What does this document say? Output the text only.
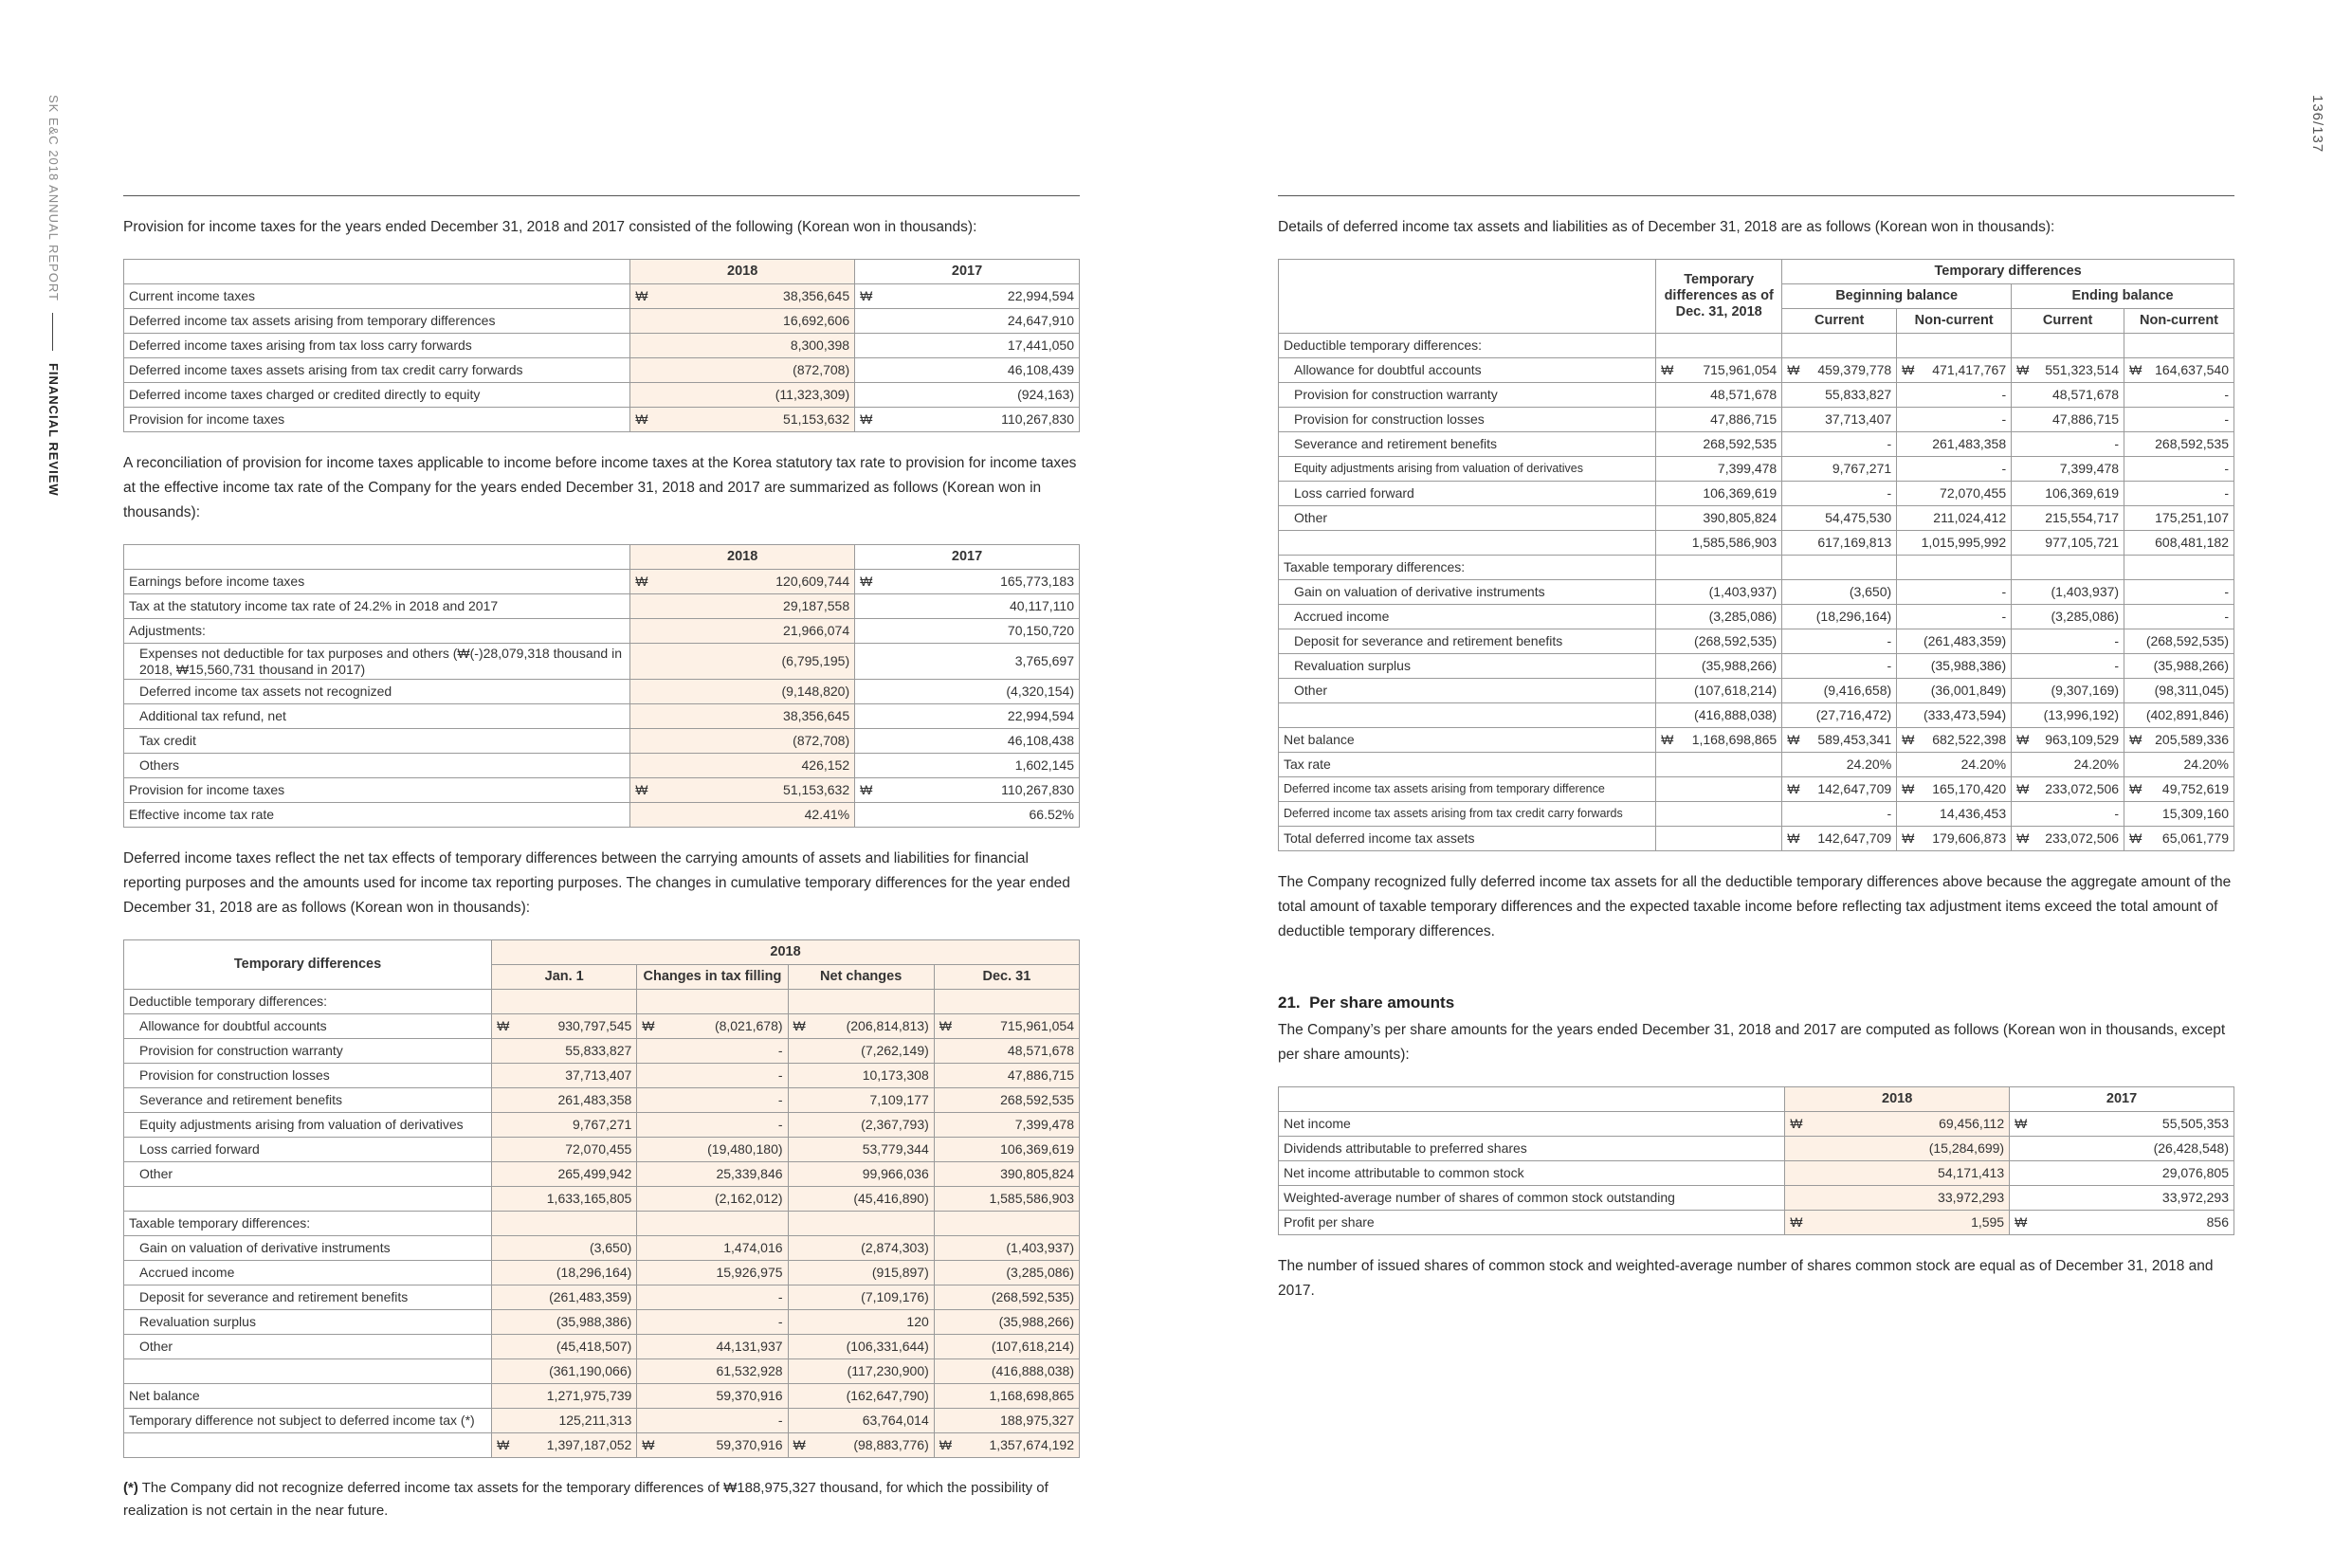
SK E&C 2018 ANNUAL REPORT  FINANCIAL REVIEW
136/137

Provision for income taxes for the years ended December 31, 2018 and 2017 consisted of the following (Korean won in thousands):

	2018	2017
Current income taxes	₩ 38,356,645	₩ 22,994,594

Deferred income tax assets arising from temporary differences	16,692,606	24,647,910

Deferred income taxes arising from tax loss carry forwards	8,300,398	17,441,050

Deferred income taxes assets arising from tax credit carry forwards	(872,708)	46,108,439

Deferred income taxes charged or credited directly to equity	(11,323,309)	(924,163)

Provision for income taxes	₩ 51,153,632	₩ 110,267,830

A reconciliation of provision for income taxes applicable to income before income taxes at the Korea statutory tax rate to provision for income taxes at the effective income tax rate of the Company for the years ended December 31, 2018 and 2017 are summarized as follows (Korean won in thousands):

	2018	2017
Earnings before income taxes	₩ 120,609,744	₩ 165,773,183

Tax at the statutory income tax rate of 24.2% in 2018 and 2017	29,187,558	40,117,110

Adjustments:	21,966,074	70,150,720

Expenses not deductible for tax purposes and others (₩(-)28,079,318 thousand in 2018, ₩15,560,731 thousand in 2017)	(6,795,195)	3,765,697

Deferred income tax assets not recognized	(9,148,820)	(4,320,154)

Additional tax refund, net	38,356,645	22,994,594

Tax credit	(872,708)	46,108,438

Others	426,152	1,602,145

Provision for income taxes	₩ 51,153,632	₩ 110,267,830

Effective income tax rate	42.41%	66.52%

Deferred income taxes reflect the net tax effects of temporary differences between the carrying amounts of assets and liabilities for financial reporting purposes and the amounts used for income tax reporting purposes. The changes in cumulative temporary differences for the year ended December 31, 2018 are as follows (Korean won in thousands):

Temporary differences	2018			
	Jan. 1	Changes in tax filling	Net changes	Dec. 31
Deductible temporary differences:	

Allowance for doubtful accounts	₩ 930,797,545	₩ (8,021,678)	₩ (206,814,813)	₩ 715,961,054

Provision for construction warranty	55,833,827	-	(7,262,149)	48,571,678

Provision for construction losses	37,713,407	-	10,173,308	47,886,715

Severance and retirement benefits	261,483,358	-	7,109,177	268,592,535

Equity adjustments arising from valuation of derivatives	9,767,271	-	(2,367,793)	7,399,478

Loss carried forward	72,070,455	(19,480,180)	53,779,344	106,369,619

Other	265,499,942	25,339,846	99,966,036	390,805,824

	1,633,165,805	(2,162,012)	(45,416,890)	1,585,586,903

Taxable temporary differences:	

Gain on valuation of derivative instruments	(3,650)	1,474,016	(2,874,303)	(1,403,937)

Accrued income	(18,296,164)	15,926,975	(915,897)	(3,285,086)

Deposit for severance and retirement benefits	(261,483,359)	-	(7,109,176)	(268,592,535)

Revaluation surplus	(35,988,386)	-	120	(35,988,266)

Other	(45,418,507)	44,131,937	(106,331,644)	(107,618,214)

	(361,190,066)	61,532,928	(117,230,900)	(416,888,038)

Net balance	1,271,975,739	59,370,916	(162,647,790)	1,168,698,865

Temporary difference not subject to deferred income tax (*)	125,211,313	-	63,764,014	188,975,327

	₩ 1,397,187,052	₩ 59,370,916	₩ (98,883,776)	₩ 1,357,674,192

(*) The Company did not recognize deferred income tax assets for the temporary differences of ₩188,975,327 thousand, for which the possibility of realization is not certain in the near future.

Details of deferred income tax assets and liabilities as of December 31, 2018 are as follows (Korean won in thousands):

	Temporary differences as of Dec. 31, 2018	Temporary differences			
		Beginning balance		Ending balance	
		Current	Non-current	Current	Non-current
Deductible temporary differences:	

Allowance for doubtful accounts	₩ 715,961,054	₩ 459,379,778	₩ 471,417,767	₩ 551,323,514	₩ 164,637,540

Provision for construction warranty	48,571,678	55,833,827	-	48,571,678	-

Provision for construction losses	47,886,715	37,713,407	-	47,886,715	-

Severance and retirement benefits	268,592,535	-	261,483,358	-	268,592,535

Equity adjustments arising from valuation of derivatives	7,399,478	9,767,271	-	7,399,478	-

Loss carried forward	106,369,619	-	72,070,455	106,369,619	-

Other	390,805,824	54,475,530	211,024,412	215,554,717	175,251,107

	1,585,586,903	617,169,813	1,015,995,992	977,105,721	608,481,182

Taxable temporary differences:	

Gain on valuation of derivative instruments	(1,403,937)	(3,650)	-	(1,403,937)	-

Accrued income	(3,285,086)	(18,296,164)	-	(3,285,086)	-

Deposit for severance and retirement benefits	(268,592,535)	-	(261,483,359)	-	(268,592,535)

Revaluation surplus	(35,988,266)	-	(35,988,386)	-	(35,988,266)

Other	(107,618,214)	(9,416,658)	(36,001,849)	(9,307,169)	(98,311,045)

	(416,888,038)	(27,716,472)	(333,473,594)	(13,996,192)	(402,891,846)

Net balance	₩ 1,168,698,865	₩ 589,453,341	₩ 682,522,398	₩ 963,109,529	₩ 205,589,336

Tax rate		24.20%	24.20%	24.20%	24.20%

Deferred income tax assets arising from temporary difference		₩ 142,647,709	₩ 165,170,420	₩ 233,072,506	₩ 49,752,619

Deferred income tax assets arising from tax credit carry forwards		-	14,436,453	-	15,309,160

Total deferred income tax assets		₩ 142,647,709	₩ 179,606,873	₩ 233,072,506	₩ 65,061,779

The Company recognized fully deferred income tax assets for all the deductible temporary differences above because the aggregate amount of the total amount of taxable temporary differences and the expected taxable income before reflecting tax adjustment items exceed the total amount of deductible temporary differences.

21. Per share amounts

The Company’s per share amounts for the years ended December 31, 2018 and 2017 are computed as follows (Korean won in thousands, except per share amounts):

	2018	2017
Net income	₩ 69,456,112	₩ 55,505,353

Dividends attributable to preferred shares	(15,284,699)	(26,428,548)

Net income attributable to common stock	54,171,413	29,076,805

Weighted-average number of shares of common stock outstanding	33,972,293	33,972,293

Profit per share	₩ 1,595	₩ 856

The number of issued shares of common stock and weighted-average number of shares common stock are equal as of December 31, 2018 and 2017.
